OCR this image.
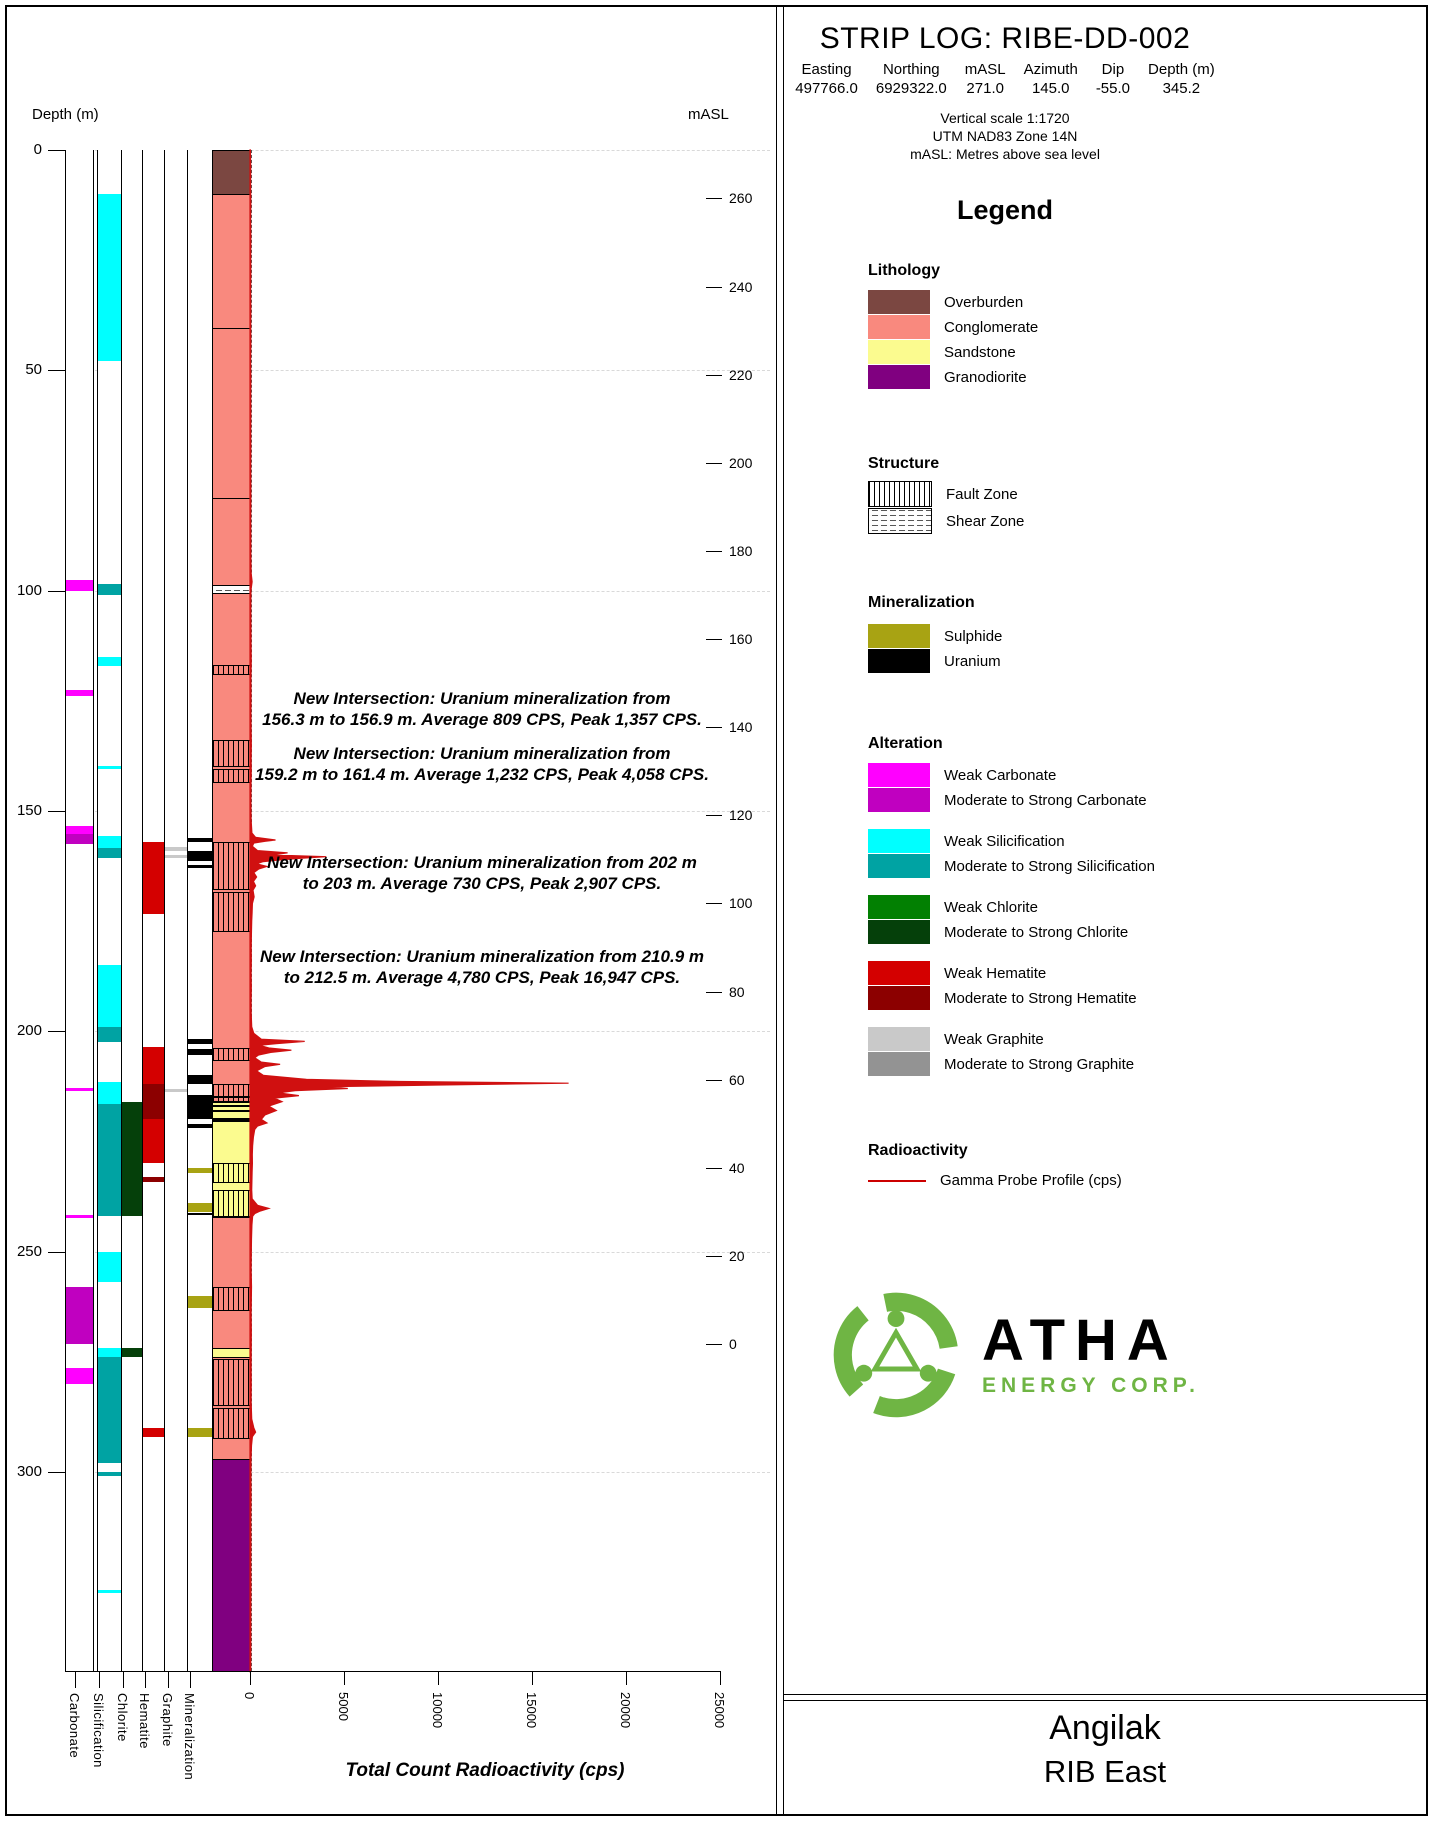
0
50
100
150
200
250
300
260
240
220
200
180
160
140
120
100
80
60
40
20
0
Carbonate Silicification Chlorite Hematite Graphite Mineralization	0	5000	10000	15000	20000	25000
New Intersection: Uranium mineralization from
156.3 m to 156.9 m. Average 809 CPS, Peak 1,357 CPS.
New Intersection: Uranium mineralization from
159.2 m to 161.4 m. Average 1,232 CPS, Peak 4,058 CPS.
New Intersection: Uranium mineralization from 202 m
to 203 m. Average 730 CPS, Peak 2,907 CPS.
New Intersection: Uranium mineralization from 210.9 m
to 212.5 m. Average 4,780 CPS, Peak 16,947 CPS.
Depth (m)	mASL
Total Count Radioactivity (cps)
STRIP LOG: RIBE-DD-002
Easting
497766.0
Northing
6929322.0
mASL
271.0
Azimuth
145.0
Dip
-55.0
Depth (m)
345.2
Vertical scale 1:1720
UTM NAD83 Zone 14N
mASL: Metres above sea level
Legend
Lithology
Overburden
Conglomerate
Sandstone
Granodiorite
Structure
Fault Zone
Shear Zone
Mineralization
Sulphide
Uranium
Alteration
Weak Carbonate
Moderate to Strong Carbonate
Weak Silicification
Moderate to Strong Silicification
Weak Chlorite
Moderate to Strong Chlorite
Weak Hematite
Moderate to Strong Hematite
Weak Graphite
Moderate to Strong Graphite
Radioactivity
Gamma Probe Profile (cps)
ATHA
ENERGY CORP.
Angilak
RIB East
